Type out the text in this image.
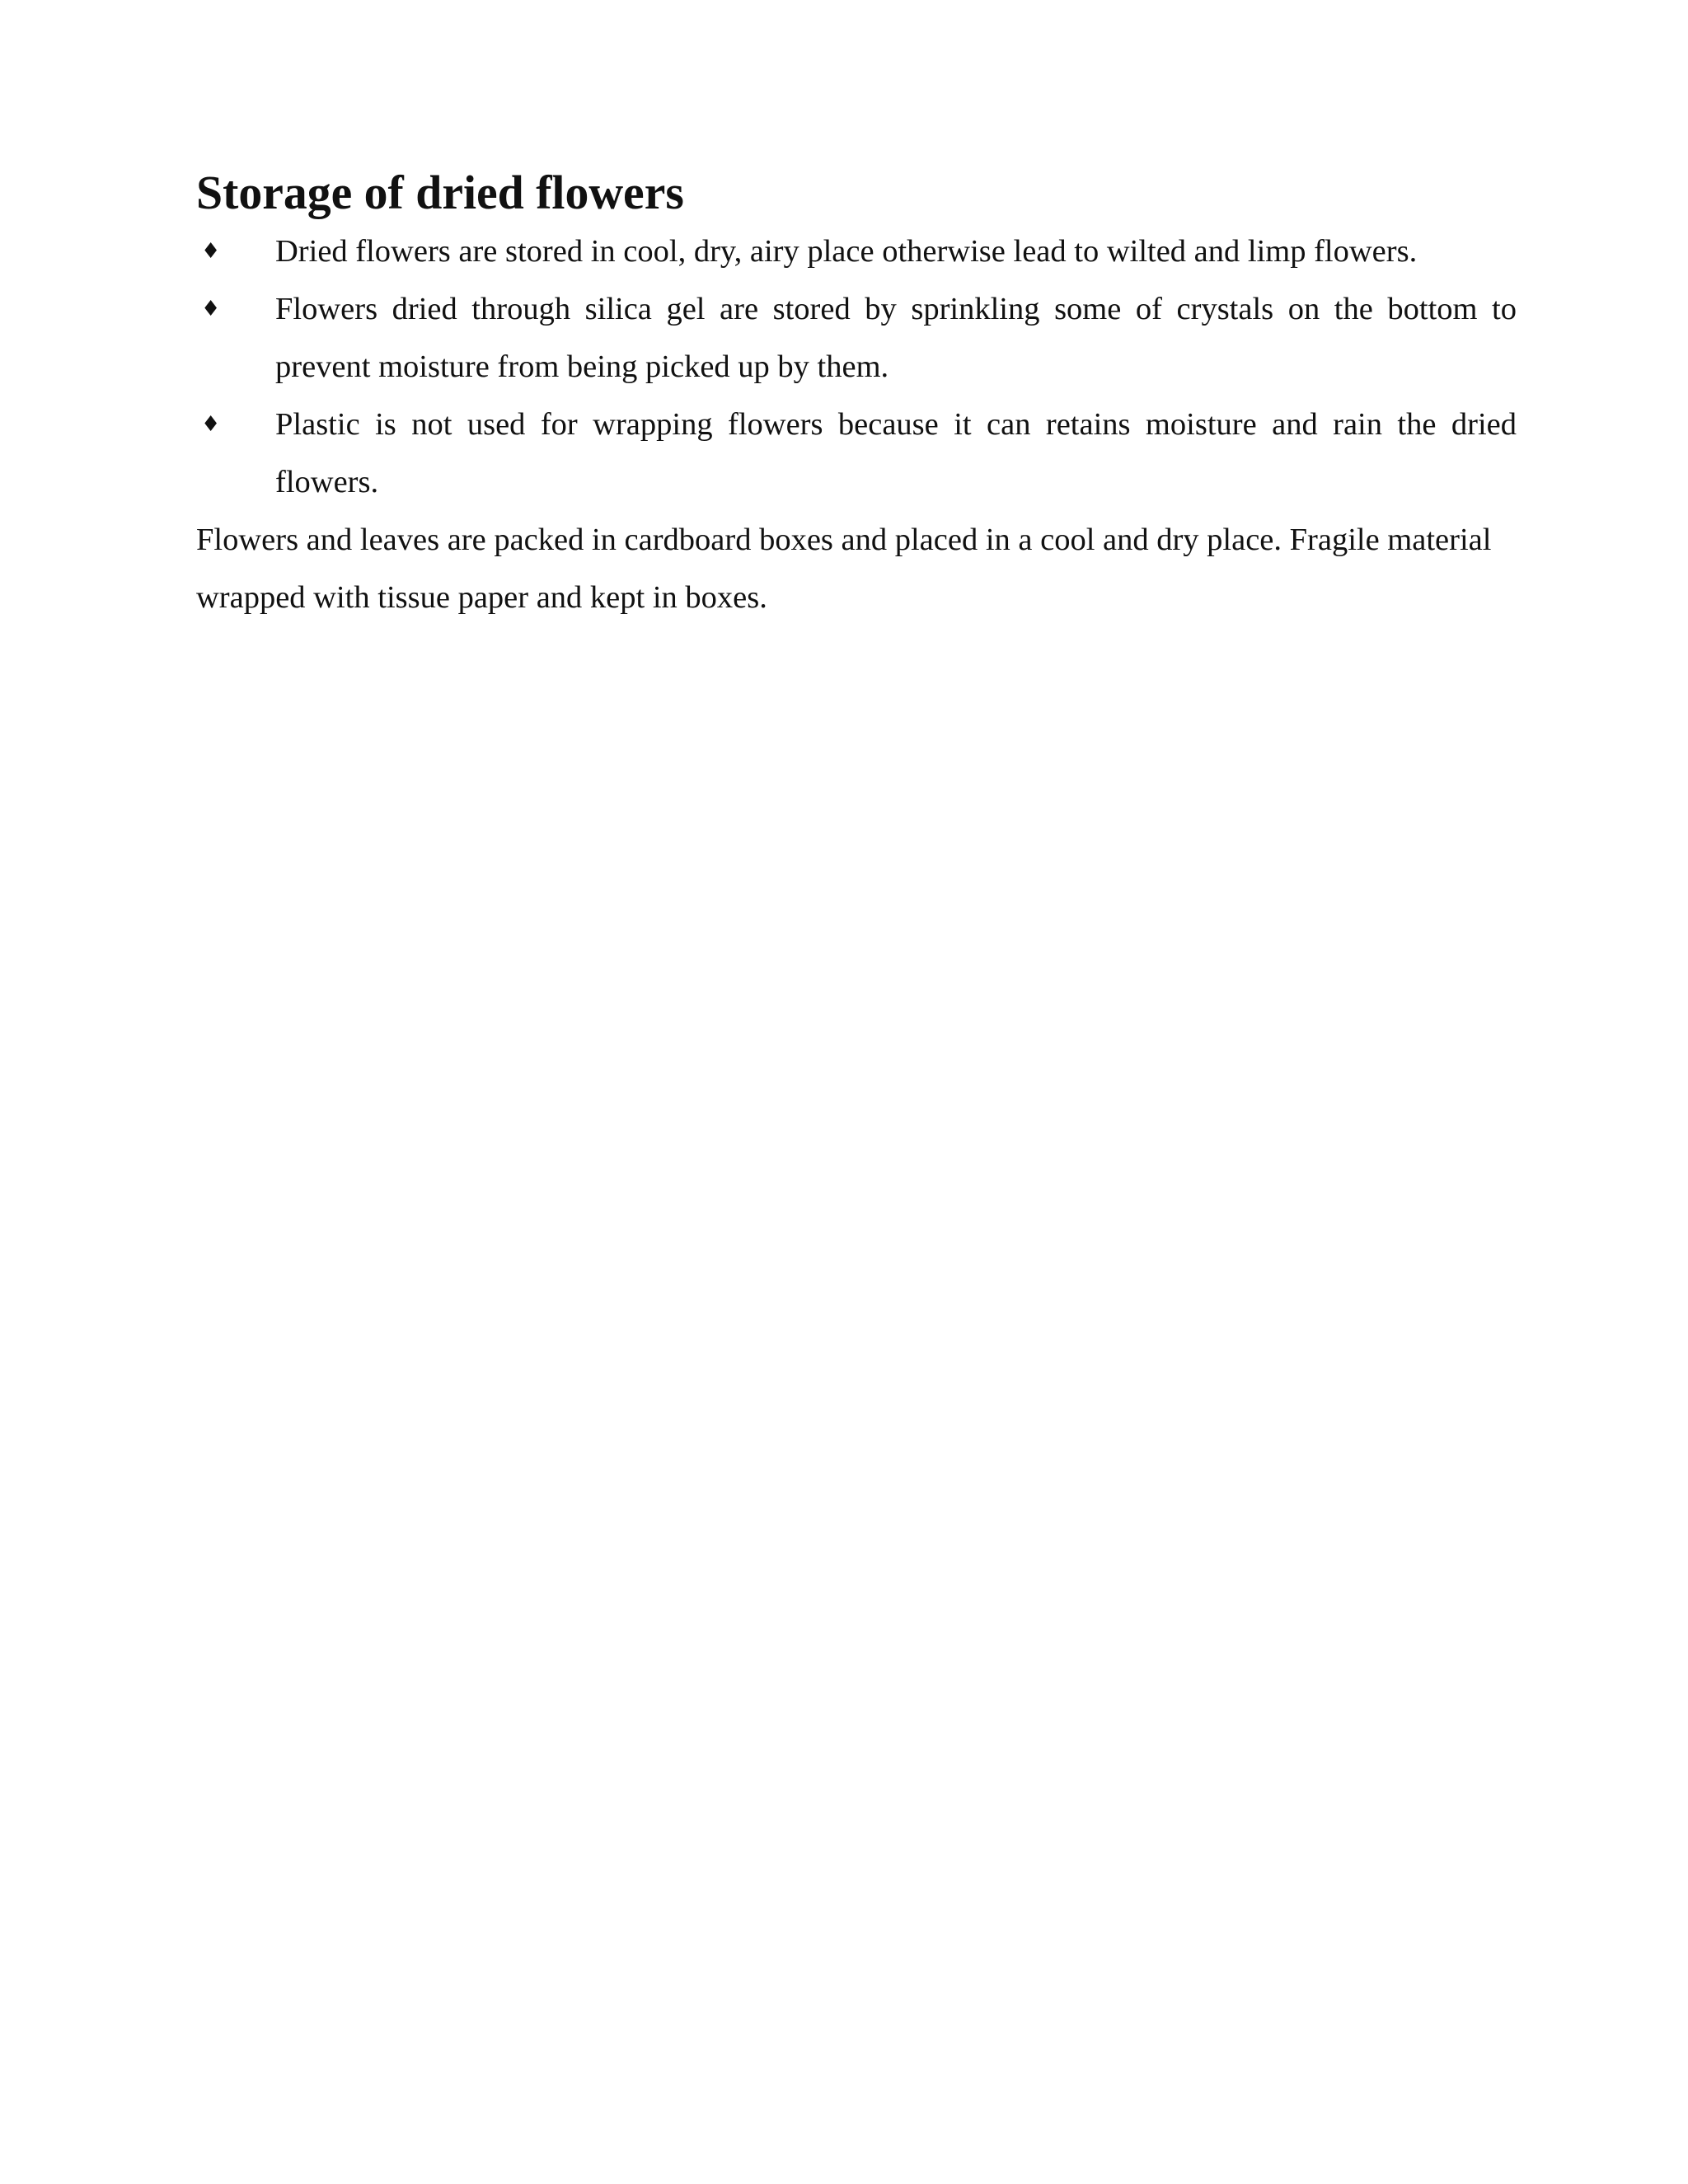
Storage of dried flowers
♦ Dried flowers are stored in cool, dry, airy place otherwise lead to wilted and limp flowers.
♦ Flowers dried through silica gel are stored by sprinkling some of crystals on the bottom to prevent moisture from being picked up by them.
♦ Plastic is not used for wrapping flowers because it can retains moisture and rain the dried flowers.

Flowers and leaves are packed in cardboard boxes and placed in a cool and dry place. Fragile material wrapped with tissue paper and kept in boxes.
